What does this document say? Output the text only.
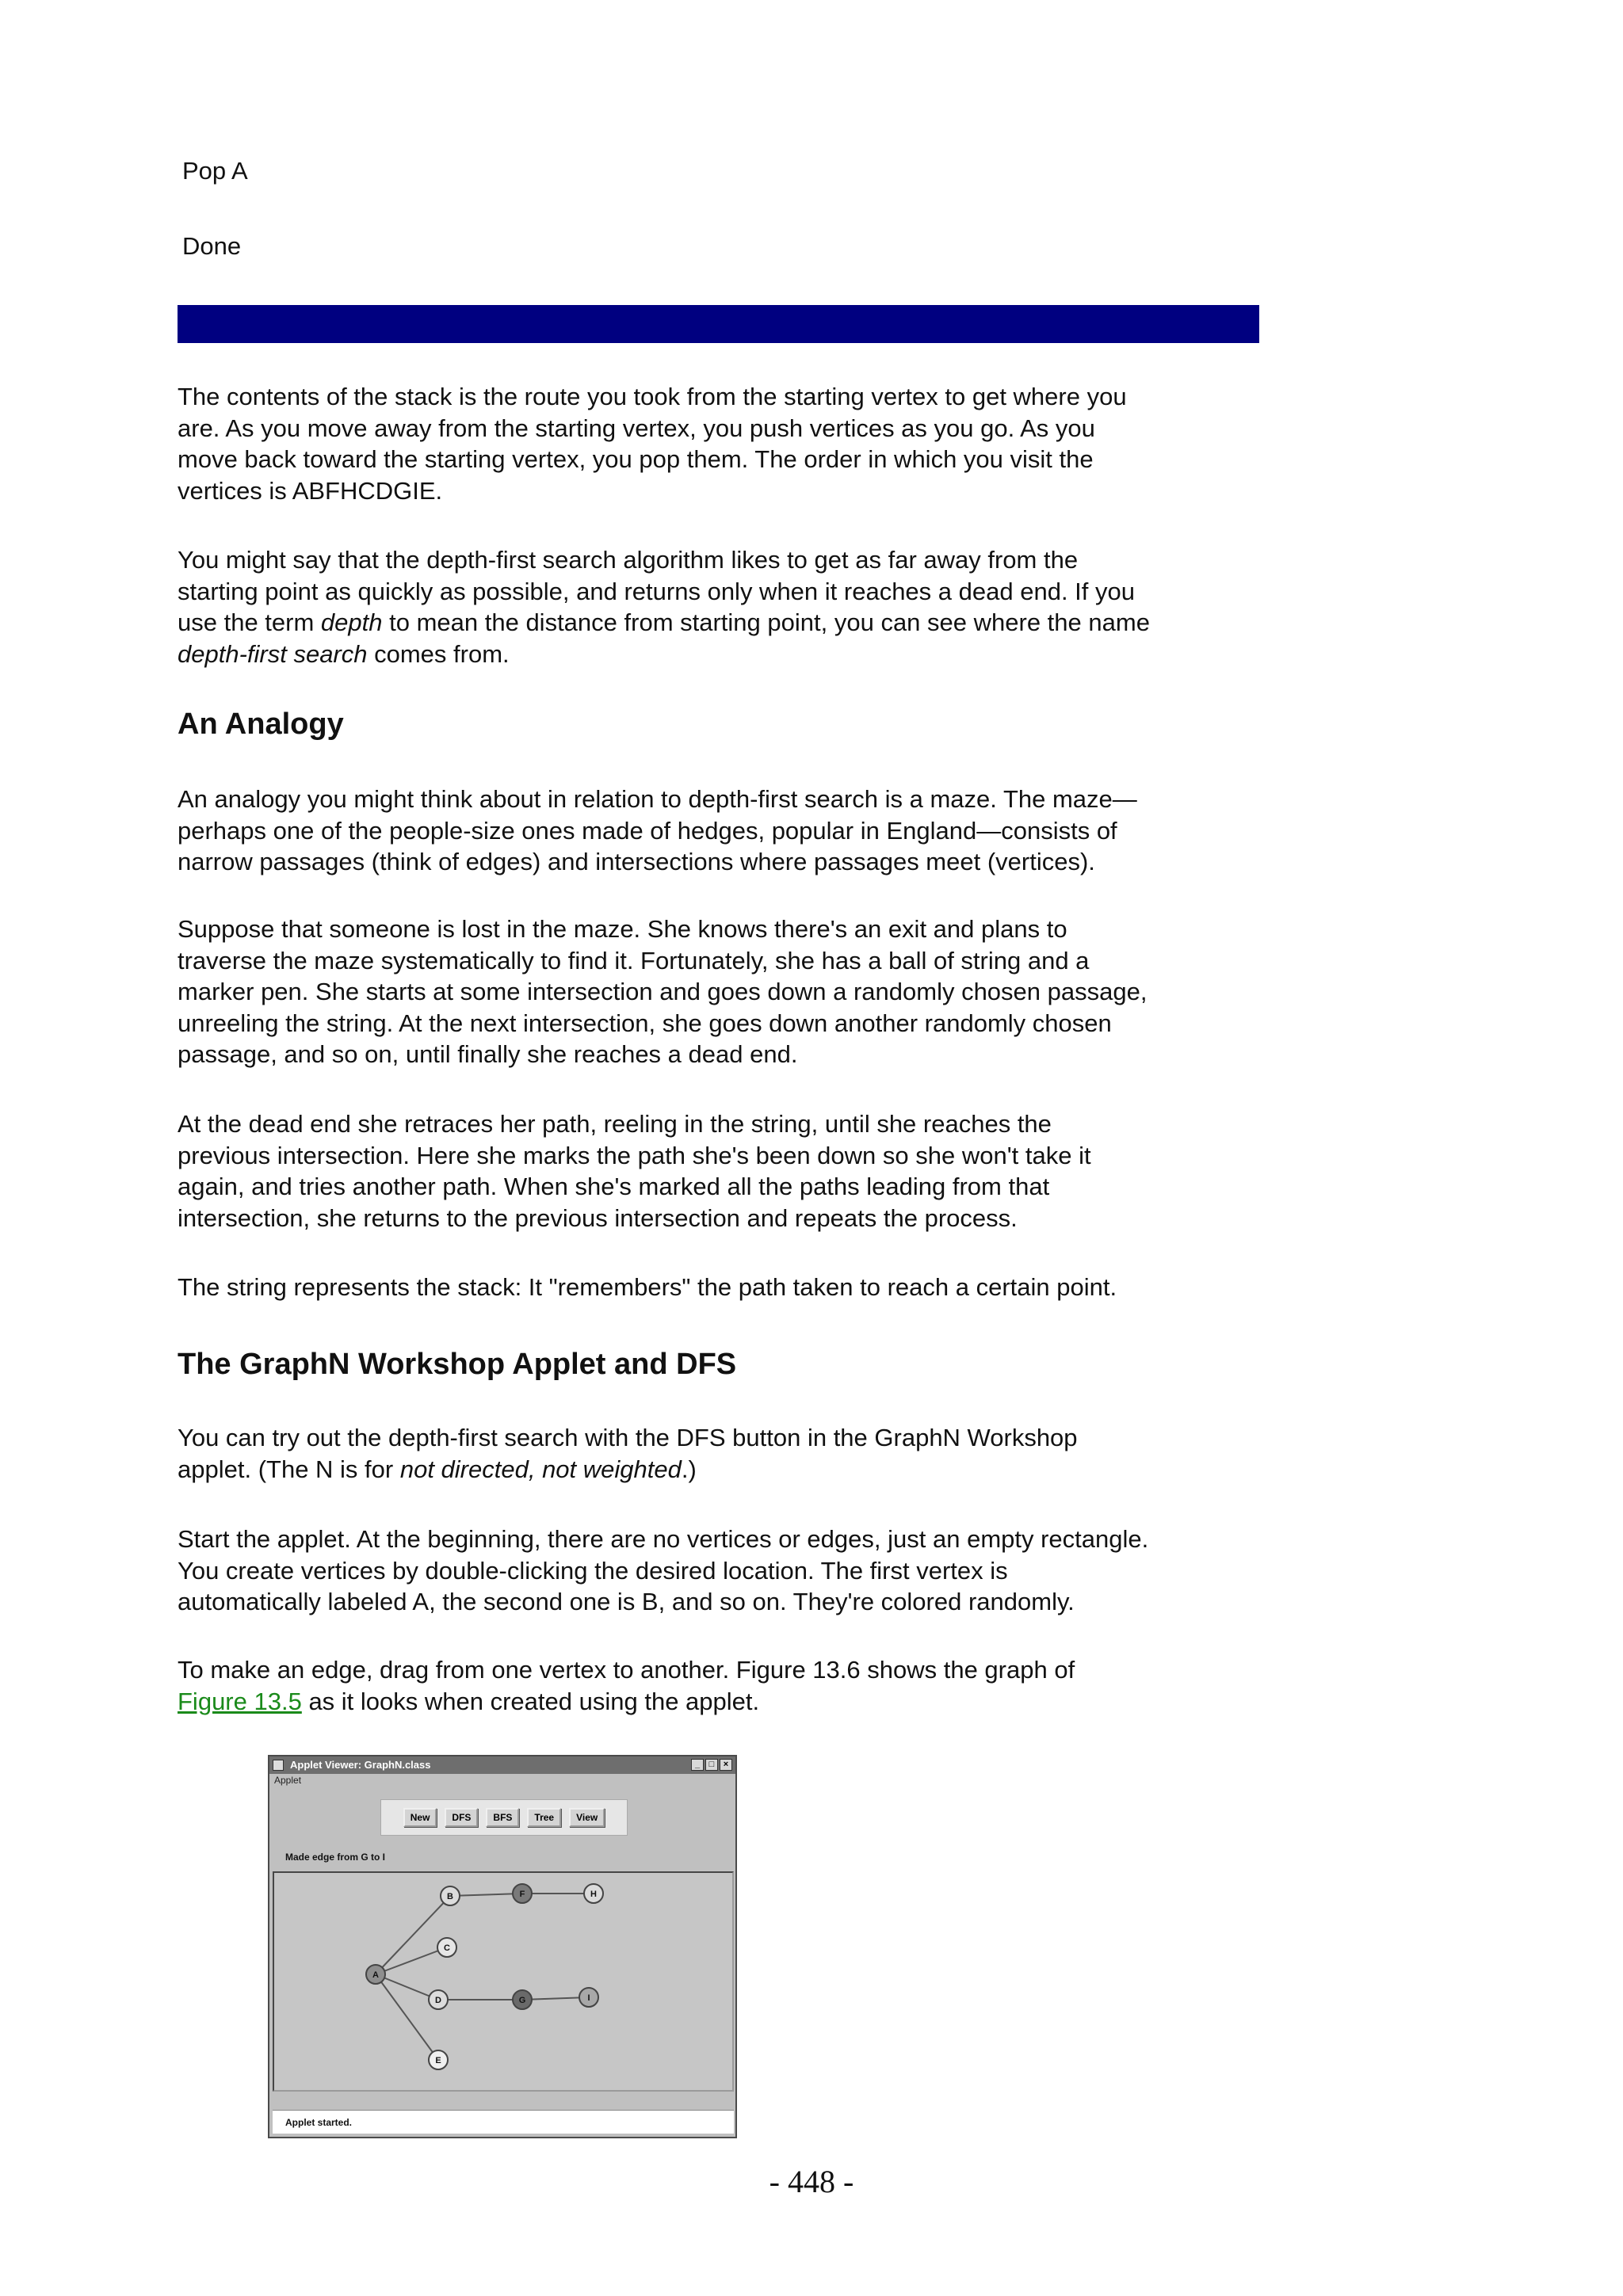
Pop A
Done

The contents of the stack is the route you took from the starting vertex to get where you

are. As you move away from the starting vertex, you push vertices as you go. As you

move back toward the starting vertex, you pop them. The order in which you visit the

vertices is ABFHCDGIE.

You might say that the depth-first search algorithm likes to get as far away from the

starting point as quickly as possible, and returns only when it reaches a dead end. If you

use the term depth to mean the distance from starting point, you can see where the name

depth-first search comes from.

An Analogy

An analogy you might think about in relation to depth-first search is a maze. The maze—

perhaps one of the people-size ones made of hedges, popular in England—consists of

narrow passages (think of edges) and intersections where passages meet (vertices).

Suppose that someone is lost in the maze. She knows there's an exit and plans to

traverse the maze systematically to find it. Fortunately, she has a ball of string and a

marker pen. She starts at some intersection and goes down a randomly chosen passage,

unreeling the string. At the next intersection, she goes down another randomly chosen

passage, and so on, until finally she reaches a dead end.

At the dead end she retraces her path, reeling in the string, until she reaches the

previous intersection. Here she marks the path she's been down so she won't take it

again, and tries another path. When she's marked all the paths leading from that

intersection, she returns to the previous intersection and repeats the process.

The string represents the stack: It "remembers" the path taken to reach a certain point.

The GraphN Workshop Applet and DFS

You can try out the depth-first search with the DFS button in the GraphN Workshop

applet. (The N is for not directed, not weighted.)

Start the applet. At the beginning, there are no vertices or edges, just an empty rectangle.

You create vertices by double-clicking the desired location. The first vertex is

automatically labeled A, the second one is B, and so on. They're colored randomly.

To make an edge, drag from one vertex to another. Figure 13.6 shows the graph of

Figure 13.5 as it looks when created using the applet.

Applet Viewer: GraphN.class	_	□	×
Applet
New	DFS	BFS	Tree	View
Made edge from G to I
A
B
C
D
E
F
G
H
I
Applet started.
- 448 -
